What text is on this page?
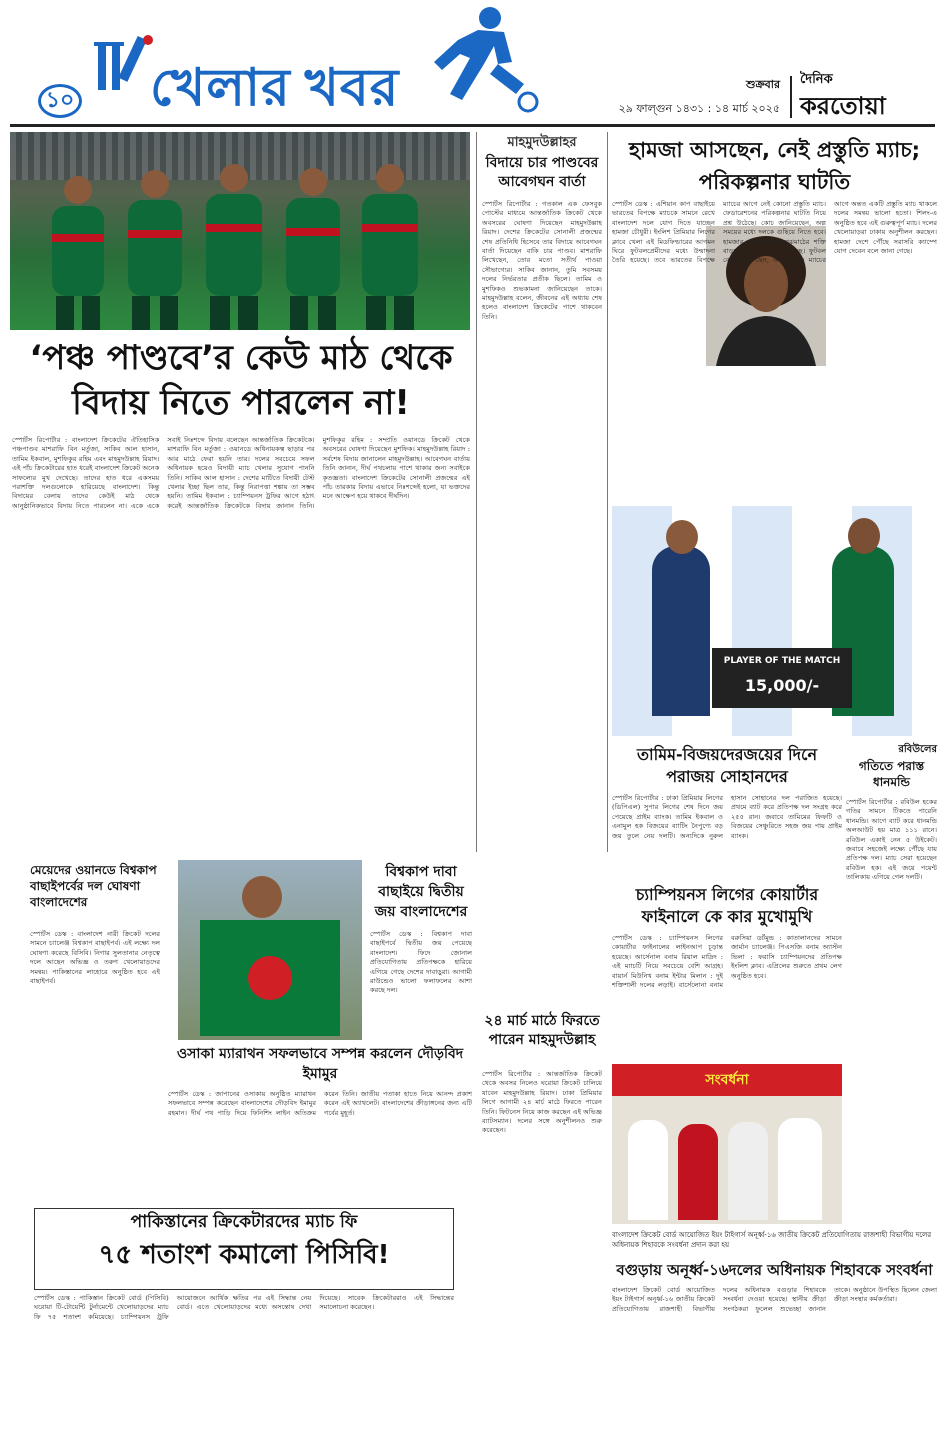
১০ খেলার খবর	শুক্রবার
২৯ ফাল্গুন ১৪৩১ : ১৪ মার্চ ২০২৫
দৈনিক
করতোয়া
‘পঞ্চ পাণ্ডবে’র কেউ মাঠ থেকে বিদায় নিতে পারলেন না!
স্পোর্টস রিপোর্টার : বাংলাদেশ ক্রিকেটের ঐতিহাসিক পঞ্চপাণ্ডব মাশরাফি বিন মর্তুজা, সাকিব আল হাসান, তামিম ইকবাল, মুশফিকুর রহিম এবং মাহমুদউল্লাহ রিয়াদ। এই পাঁচ ক্রিকেটারের হাত ধরেই বাংলাদেশ ক্রিকেট অনেক সাফল্যের মুখ দেখেছে। তাদের হাত ধরে একসময় পরাশক্তি দলগুলোকে হারিয়েছে বাংলাদেশ। কিন্তু বিদায়ের বেলায় তাদের কেউই মাঠ থেকে আনুষ্ঠানিকভাবে বিদায় নিতে পারলেন না। একে একে সবাই নিঃশব্দে বিদায় বলেছেন আন্তর্জাতিক ক্রিকেটকে। মাশরাফি বিন মর্তুজা : ওয়ানডে অধিনায়কত্ব ছাড়ার পর আর মাঠে ফেরা হয়নি তার। দলের সবচেয়ে সফল অধিনায়ক হয়েও বিদায়ী ম্যাচ খেলার সুযোগ পাননি তিনি। সাকিব আল হাসান : দেশের মাটিতে বিদায়ী টেস্ট খেলার ইচ্ছা ছিল তার, কিন্তু নিরাপত্তা শঙ্কায় তা সম্ভব হয়নি। তামিম ইকবাল : চ্যাম্পিয়নস ট্রফির আগে হঠাৎ করেই আন্তর্জাতিক ক্রিকেটকে বিদায় জানান তিনি। মুশফিকুর রহিম : সম্প্রতি ওয়ানডে ক্রিকেট থেকে অবসরের ঘোষণা দিয়েছেন মুশফিক। মাহমুদউল্লাহ রিয়াদ : সর্বশেষ বিদায় জানালেন মাহমুদউল্লাহ। আবেগঘন বার্তায় তিনি জানান, দীর্ঘ পথচলায় পাশে থাকার জন্য সবাইকে কৃতজ্ঞতা। বাংলাদেশ ক্রিকেটের সোনালী প্রজন্মের এই পাঁচ তারকার বিদায় এভাবে নিঃশব্দেই হলো, যা ভক্তদের মনে আক্ষেপ হয়ে থাকবে দীর্ঘদিন।
মাহমুদউল্লাহর
বিদায়ে চার পাণ্ডবের আবেগঘন বার্তা
স্পোর্টস রিপোর্টার : গতকাল এক ফেসবুক পোস্টের মাধ্যমে আন্তর্জাতিক ক্রিকেট থেকে অবসরের ঘোষণা দিয়েছেন মাহমুদউল্লাহ রিয়াদ। দেশের ক্রিকেটের সোনালী প্রজন্মের শেষ প্রতিনিধি হিসেবে তার বিদায়ে আবেগঘন বার্তা দিয়েছেন বাকি চার পাণ্ডব। মাশরাফি লিখেছেন, তোর মতো সতীর্থ পাওয়া সৌভাগ্যের। সাকিব জানান, তুমি সবসময় দলের নির্ভরতার প্রতীক ছিলে। তামিম ও মুশফিকও শুভকামনা জানিয়েছেন তাকে। মাহমুদউল্লাহ বলেন, জীবনের এই অধ্যায় শেষ হলেও বাংলাদেশ ক্রিকেটের পাশে থাকবেন তিনি।
হামজা আসছেন, নেই প্রস্তুতি ম্যাচ; পরিকল্পনার ঘাটতি
স্পোর্টস ডেস্ক : এশিয়ান কাপ বাছাইয়ে ভারতের বিপক্ষে ম্যাচকে সামনে রেখে বাংলাদেশ দলে যোগ দিতে যাচ্ছেন হামজা চৌধুরী। ইংলিশ প্রিমিয়ার লিগের ক্লাবে খেলা এই মিডফিল্ডারের আগমন ঘিরে ফুটবলপ্রেমীদের মধ্যে উন্মাদনা তৈরি হয়েছে। তবে ভারতের বিপক্ষে ম্যাচের আগে নেই কোনো প্রস্তুতি ম্যাচ। ফেডারেশনের পরিকল্পনার ঘাটতি নিয়ে প্রশ্ন উঠেছে। কোচ জানিয়েছেন, অল্প সময়ের মধ্যে দলকে গুছিয়ে নিতে হবে। হামজার অন্তর্ভুক্তিতে মাঝমাঠের শক্তি বাড়বে বলে আশা করা হচ্ছে। ফুটবল বোদ্ধারা বলছেন, আন্তর্জাতিক ম্যাচের আগে অন্তত একটি প্রস্তুতি ম্যাচ থাকলে দলের সমন্বয় ভালো হতো। শিলং-এ অনুষ্ঠিত হবে এই গুরুত্বপূর্ণ ম্যাচ। দলের খেলোয়াড়রা ঢাকায় অনুশীলন করছেন। হামজা দেশে পৌঁছে সরাসরি ক্যাম্পে যোগ দেবেন বলে জানা গেছে।
PLAYER OF THE MATCH
15,000/-
তামিম-বিজয়দেরজয়ের দিনে পরাজয় সোহানদের
স্পোর্টস রিপোর্টার : ঢাকা প্রিমিয়ার লিগের (ডিপিএল) সুপার লিগের শেষ দিনে জয় পেয়েছে প্রাইম ব্যাংক। তামিম ইকবাল ও এনামুল হক বিজয়ের ব্যাটিং নৈপুণ্যে বড় জয় তুলে নেয় দলটি। অন্যদিকে নুরুল হাসান সোহানের দল পরাজিত হয়েছে। প্রথমে ব্যাট করে প্রতিপক্ষ দল সংগ্রহ করে ২৫৫ রান। জবাবে তামিমের ফিফটি ও বিজয়ের সেঞ্চুরিতে সহজ জয় পায় প্রাইম ব্যাংক।
রবিউলের
গতিতে পরাস্ত ধানমন্ডি
স্পোর্টস রিপোর্টার : রবিউল হকের গতির সামনে টিকতে পারেনি ধানমন্ডি। আগে ব্যাট করে ধানমন্ডি অলআউট হয় মাত্র ১১১ রানে। রবিউল একাই নেন ৫ উইকেট। জবাবে সহজেই লক্ষ্যে পৌঁছে যায় প্রতিপক্ষ দল। ম্যাচ সেরা হয়েছেন রবিউল হক। এই জয়ে পয়েন্ট তালিকায় এগিয়ে গেল দলটি।
চ্যাম্পিয়নস লিগের কোয়ার্টার ফাইনালে কে কার মুখোমুখি
স্পোর্টস ডেস্ক : চ্যাম্পিয়নস লিগের কোয়ার্টার ফাইনালের লাইনআপ চূড়ান্ত হয়েছে। আর্সেনাল বনাম রিয়াল মাদ্রিদ : এই ম্যাচটি নিয়ে সবচেয়ে বেশি আগ্রহ। বায়ার্ন মিউনিখ বনাম ইন্টার মিলান : দুই শক্তিশালী দলের লড়াই। বার্সেলোনা বনাম বরুসিয়া ডর্টমুন্ড : কাতালানদের সামনে জার্মান চ্যালেঞ্জ। পিএসজি বনাম অ্যাস্টন ভিলা : ফরাসি চ্যাম্পিয়নদের প্রতিপক্ষ ইংলিশ ক্লাব। এপ্রিলের শুরুতে প্রথম লেগ অনুষ্ঠিত হবে।
২৪ মার্চ মাঠে ফিরতে পারেন মাহমুদউল্লাহ
স্পোর্টস রিপোর্টার : আন্তর্জাতিক ক্রিকেট থেকে অবসর নিলেও ঘরোয়া ক্রিকেট চালিয়ে যাবেন মাহমুদউল্লাহ রিয়াদ। ঢাকা প্রিমিয়ার লিগে আগামী ২৪ মার্চ মাঠে ফিরতে পারেন তিনি। ফিটনেস নিয়ে কাজ করছেন এই অভিজ্ঞ ব্যাটসম্যান। দলের সঙ্গে অনুশীলনও শুরু করেছেন।
মেয়েদের ওয়ানডে বিশ্বকাপ বাছাইপর্বের দল ঘোষণা বাংলাদেশের
স্পোর্টস ডেস্ক : বাংলাদেশ নারী ক্রিকেট দলের সামনে চ্যালেঞ্জ বিশ্বকাপ বাছাইপর্ব। এই লক্ষ্যে দল ঘোষণা করেছে বিসিবি। নিগার সুলতানার নেতৃত্বে দলে আছেন অভিজ্ঞ ও তরুণ খেলোয়াড়দের সমন্বয়। পাকিস্তানের লাহোরে অনুষ্ঠিত হবে এই বাছাইপর্ব।
ওসাকা ম্যারাথন সফলভাবে সম্পন্ন করলেন দৌড়বিদ ইমামুর
স্পোর্টস ডেস্ক : জাপানের ওসাকায় অনুষ্ঠিত ম্যারাথন সফলভাবে সম্পন্ন করেছেন বাংলাদেশের দৌড়বিদ ইমামুর রহমান। দীর্ঘ পথ পাড়ি দিয়ে ফিনিশিং লাইন অতিক্রম করেন তিনি। জাতীয় পতাকা হাতে নিয়ে আনন্দ প্রকাশ করেন এই অ্যাথলেট। বাংলাদেশের ক্রীড়াঙ্গনের জন্য এটি গর্বের মুহূর্ত।
বিশ্বকাপ দাবা বাছাইয়ে দ্বিতীয় জয় বাংলাদেশের
স্পোর্টস ডেস্ক : বিশ্বকাপ দাবা বাছাইপর্বে দ্বিতীয় জয় পেয়েছে বাংলাদেশ। ফিদে জোনাল প্রতিযোগিতায় প্রতিপক্ষকে হারিয়ে এগিয়ে গেছে দেশের দাবাড়ুরা। আগামী রাউন্ডেও ভালো ফলাফলের আশা করছে দল।
পাকিস্তানের ক্রিকেটারদের ম্যাচ ফি
৭৫ শতাংশ কমালো পিসিবি!
স্পোর্টস ডেস্ক : পাকিস্তান ক্রিকেট বোর্ড (পিসিবি) ঘরোয়া টি-টোয়েন্টি টুর্নামেন্টে খেলোয়াড়দের ম্যাচ ফি ৭৫ শতাংশ কমিয়েছে। চ্যাম্পিয়নস ট্রফি আয়োজনে আর্থিক ক্ষতির পর এই সিদ্ধান্ত নেয় বোর্ড। এতে খেলোয়াড়দের মধ্যে অসন্তোষ দেখা দিয়েছে। সাবেক ক্রিকেটাররাও এই সিদ্ধান্তের সমালোচনা করেছেন।
সংবর্ধনা
বাংলাদেশ ক্রিকেট বোর্ড আয়োজিত ইয়ং টাইগার্স অনূর্ধ্ব-১৬ জাতীয় ক্রিকেট প্রতিযোগিতায় রাজশাহী বিভাগীয় দলের অধিনায়ক শিহাবকে সংবর্ধনা প্রদান করা হয়
বগুড়ায় অনূর্ধ্ব-১৬দলের অধিনায়ক শিহাবকে সংবর্ধনা
বাংলাদেশ ক্রিকেট বোর্ড আয়োজিত ইয়ং টাইগার্স অনূর্ধ্ব-১৬ জাতীয় ক্রিকেট প্রতিযোগিতায় রাজশাহী বিভাগীয় দলের অধিনায়ক বগুড়ার শিহাবকে সংবর্ধনা দেওয়া হয়েছে। স্থানীয় ক্রীড়া সংগঠকরা ফুলেল শুভেচ্ছা জানান তাকে। অনুষ্ঠানে উপস্থিত ছিলেন জেলা ক্রীড়া সংস্থার কর্মকর্তারা।
